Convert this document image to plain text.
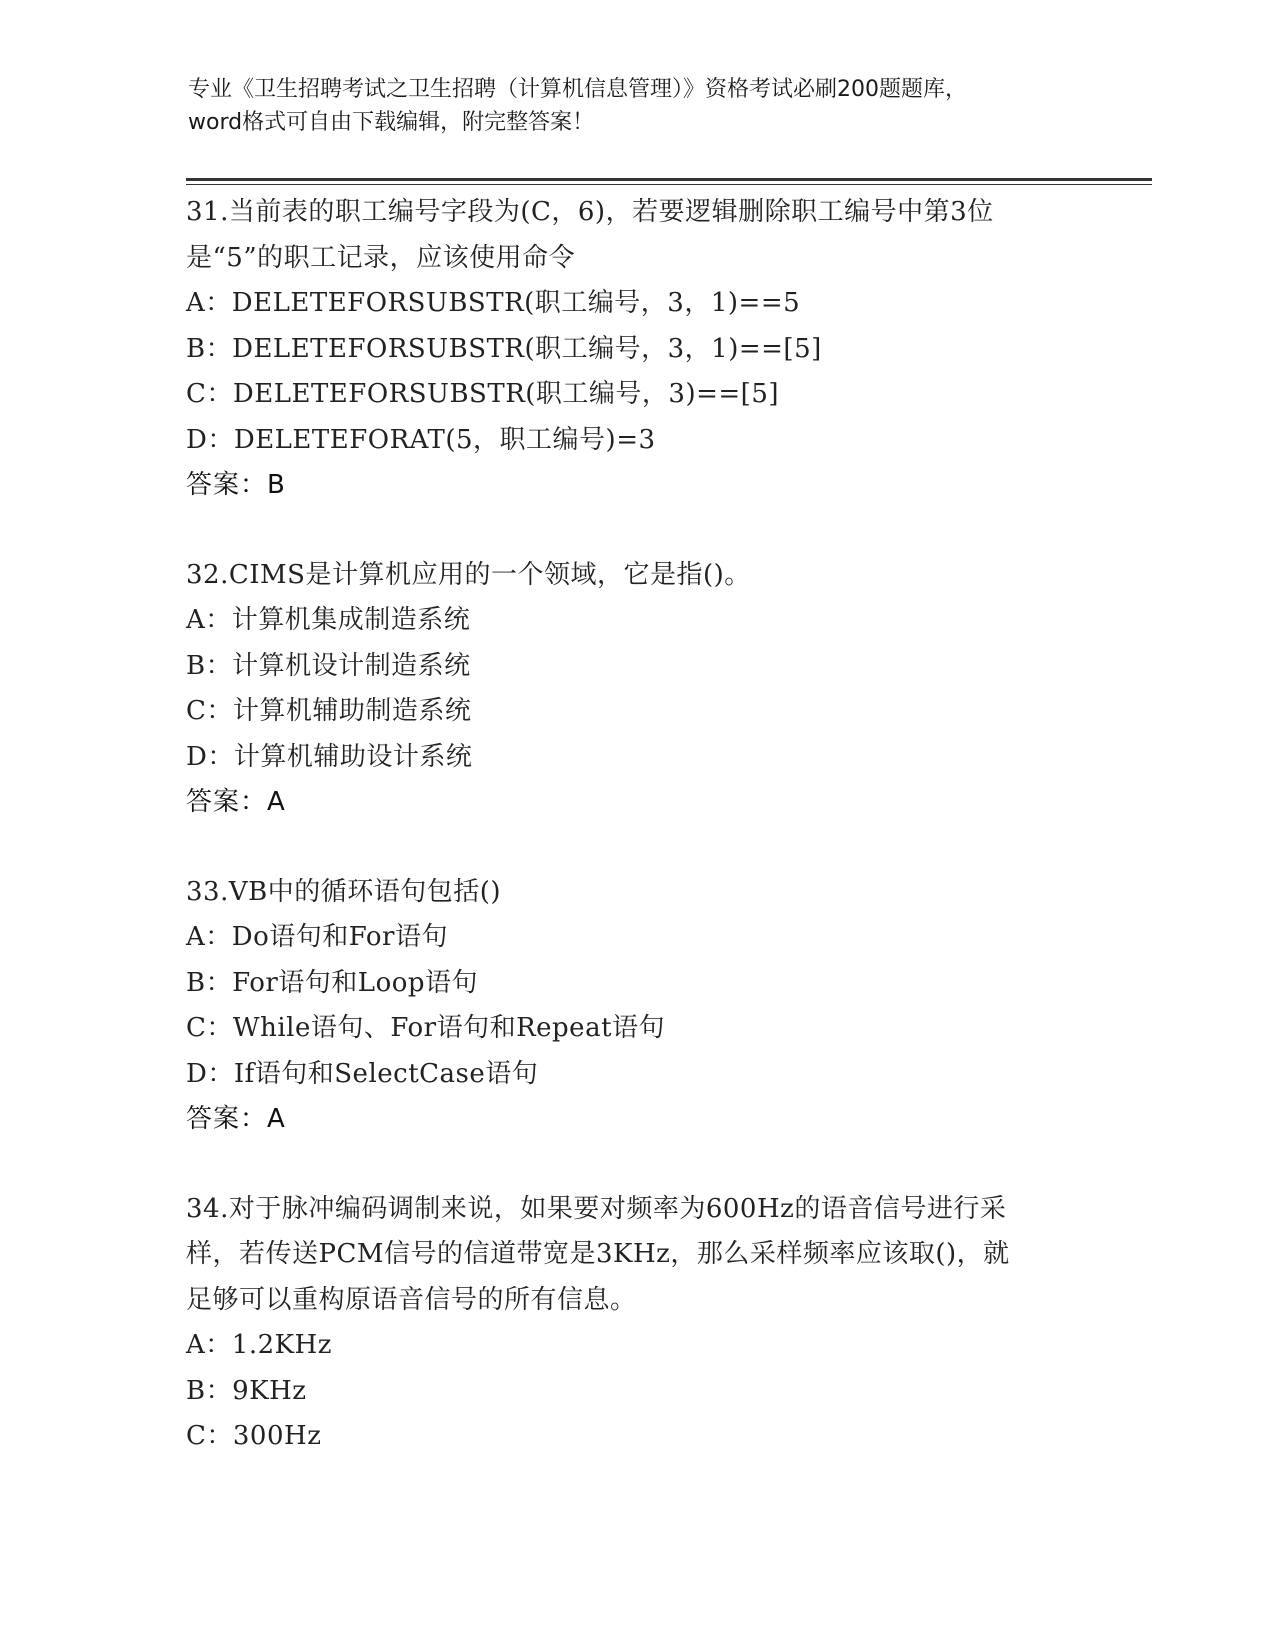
专业《卫生招聘考试之卫生招聘（计算机信息管理）》资格考试必刷200题题库，
word格式可自由下载编辑，附完整答案！
31.当前表的职工编号字段为(C，6)，若要逻辑删除职工编号中第3位
是“5”的职工记录，应该使用命令
A：DELETEFORSUBSTR(职工编号，3，1)==5
B：DELETEFORSUBSTR(职工编号，3，1)==[5]
C：DELETEFORSUBSTR(职工编号，3)==[5]
D：DELETEFORAT(5，职工编号)=3
答案：B
32.CIMS是计算机应用的一个领域，它是指()。
A：计算机集成制造系统
B：计算机设计制造系统
C：计算机辅助制造系统
D：计算机辅助设计系统
答案：A
33.VB中的循环语句包括()
A：Do语句和For语句
B：For语句和Loop语句
C：While语句、For语句和Repeat语句
D：If语句和SelectCase语句
答案：A
34.对于脉冲编码调制来说，如果要对频率为600Hz的语音信号进行采
样，若传送PCM信号的信道带宽是3KHz，那么采样频率应该取()，就
足够可以重构原语音信号的所有信息。
A：1.2KHz
B：9KHz
C：300Hz
